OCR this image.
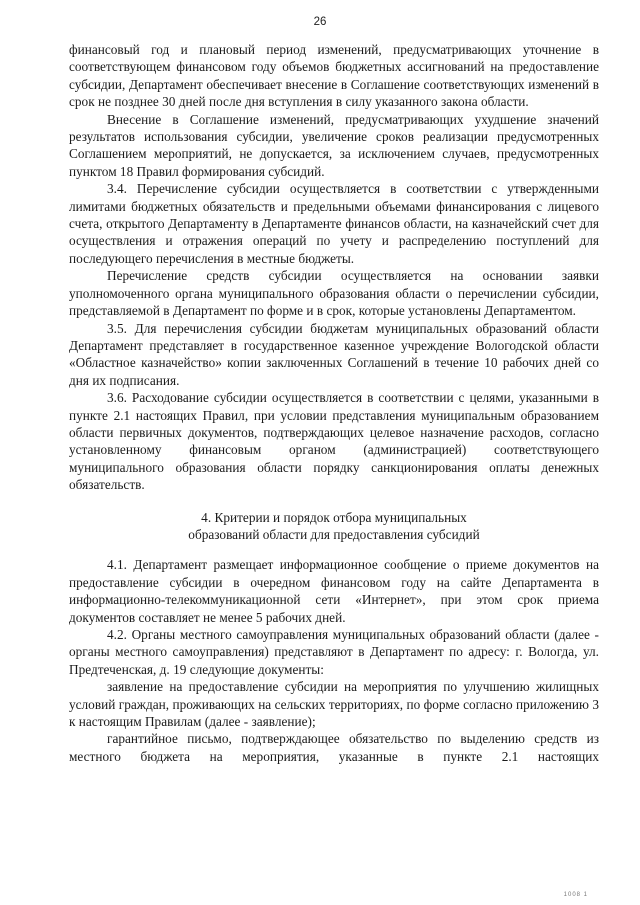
26

финансовый год и плановый период изменений, предусматривающих уточнение в соответствующем финансовом году объемов бюджетных ассигнований на предоставление субсидии, Департамент обеспечивает внесение в Соглашение соответствующих изменений в срок не позднее 30 дней после дня вступления в силу указанного закона области.

Внесение в Соглашение изменений, предусматривающих ухудшение значений результатов использования субсидии, увеличение сроков реализации предусмотренных Соглашением мероприятий, не допускается, за исключением случаев, предусмотренных пунктом 18 Правил формирования субсидий.

3.4. Перечисление субсидии осуществляется в соответствии с утвержденными лимитами бюджетных обязательств и предельными объемами финансирования с лицевого счета, открытого Департаменту в Департаменте финансов области, на казначейский счет для осуществления и отражения операций по учету и распределению поступлений для последующего перечисления в местные бюджеты.

Перечисление средств субсидии осуществляется на основании заявки уполномоченного органа муниципального образования области о перечислении субсидии, представляемой в Департамент по форме и в срок, которые установлены Департаментом.

3.5. Для перечисления субсидии бюджетам муниципальных образований области Департамент представляет в государственное казенное учреждение Вологодской области «Областное казначейство» копии заключенных Соглашений в течение 10 рабочих дней со дня их подписания.

3.6. Расходование субсидии осуществляется в соответствии с целями, указанными в пункте 2.1 настоящих Правил, при условии представления муниципальным образованием области первичных документов, подтверждающих целевое назначение расходов, согласно установленному финансовым органом (администрацией) соответствующего муниципального образования области порядку санкционирования оплаты денежных обязательств.

4. Критерии и порядок отбора муниципальных
образований области для предоставления субсидий

4.1. Департамент размещает информационное сообщение о приеме документов на предоставление субсидии в очередном финансовом году на сайте Департамента в информационно-телекоммуникационной сети «Интернет», при этом срок приема документов составляет не менее 5 рабочих дней.

4.2. Органы местного самоуправления муниципальных образований области (далее - органы местного самоуправления) представляют в Департамент по адресу: г. Вологда, ул. Предтеченская, д. 19 следующие документы:

заявление на предоставление субсидии на мероприятия по улучшению жилищных условий граждан, проживающих на сельских территориях, по форме согласно приложению 3 к настоящим Правилам (далее - заявление);

гарантийное письмо, подтверждающее обязательство по выделению средств из местного бюджета на мероприятия, указанные в пункте 2.1 настоящих

1008 1
